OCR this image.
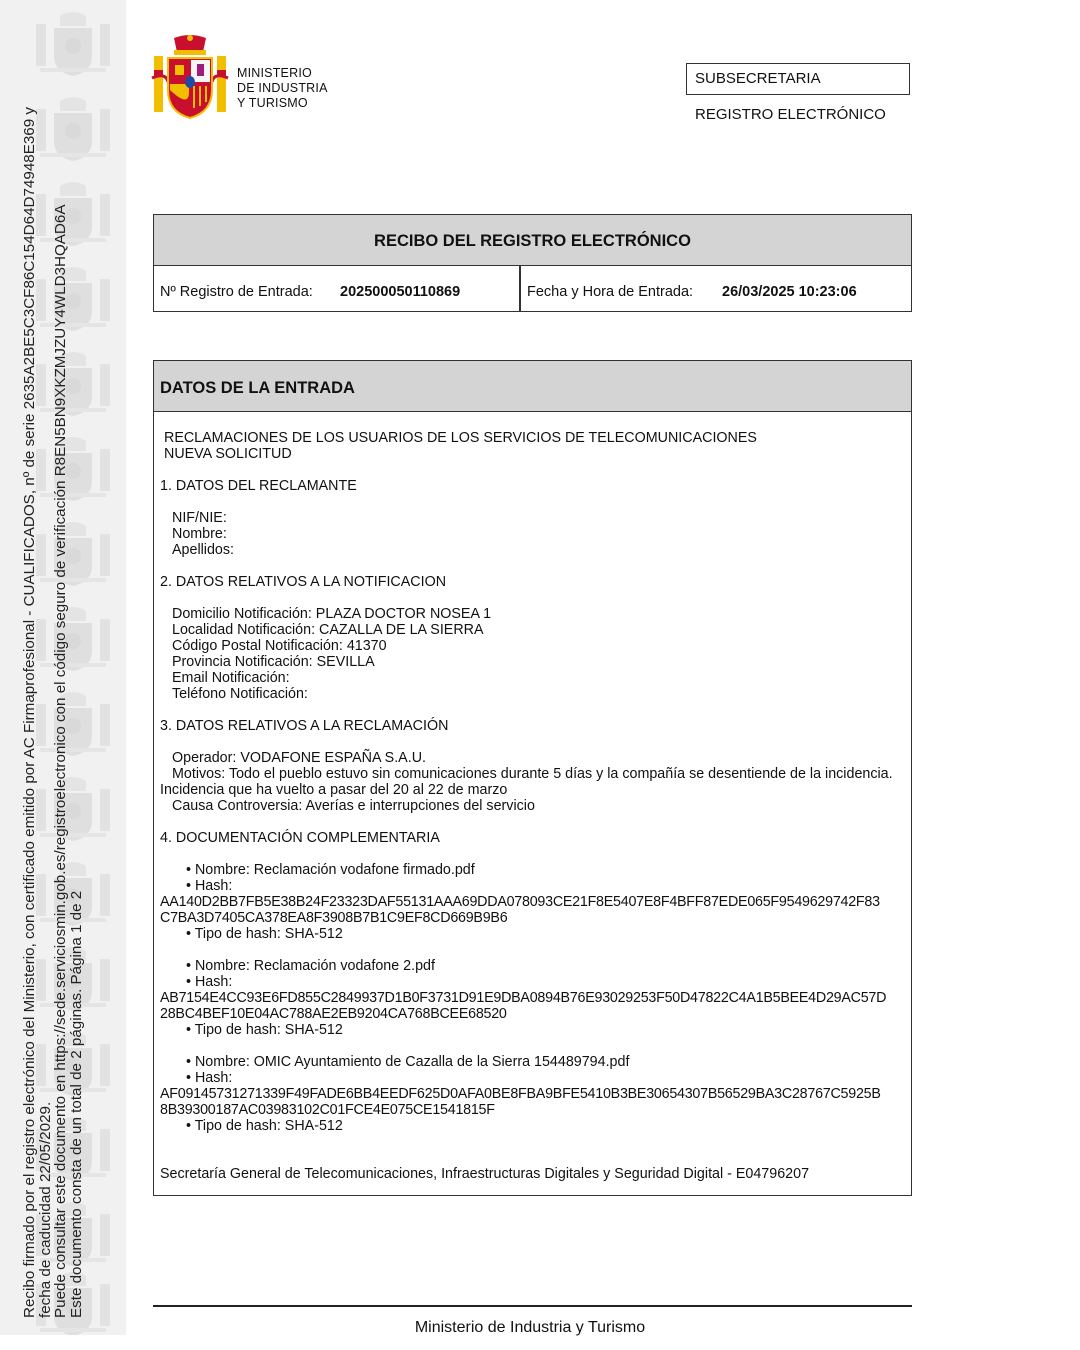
Recibo firmado por el registro electrónico del Ministerio, con certificado emitido por AC Firmaprofesional - CUALIFICADOS, nº de serie 2635A2BE5C3CF86C154D64D74948E369 y
fecha de caducidad 22/05/2029.
Puede consultar este documento en https://sede.serviciosmin.gob.es/registroelectronico con el código seguro de verificación R8EN5BN9XKZMJZUY4WLD3HQAD6A
Este documento consta de un total de 2 páginas. Página 1 de 2
MINISTERIO
DE INDUSTRIA
Y TURISMO
SUBSECRETARIA
REGISTRO ELECTRÓNICO
RECIBO DEL REGISTRO ELECTRÓNICO
Nº Registro de Entrada: 202500050110869	Fecha y Hora de Entrada: 26/03/2025 10:23:06
DATOS DE LA ENTRADA
RECLAMACIONES DE LOS USUARIOS DE LOS SERVICIOS DE TELECOMUNICACIONES
NUEVA SOLICITUD
1. DATOS DEL RECLAMANTE
NIF/NIE:
Nombre:
Apellidos:
2. DATOS RELATIVOS A LA NOTIFICACION
Domicilio Notificación: PLAZA DOCTOR NOSEA 1
Localidad Notificación: CAZALLA DE LA SIERRA
Código Postal Notificación: 41370
Provincia Notificación: SEVILLA
Email Notificación:
Teléfono Notificación:
3. DATOS RELATIVOS A LA RECLAMACIÓN
Operador: VODAFONE ESPAÑA S.A.U.
Motivos: Todo el pueblo estuvo sin comunicaciones durante 5 días y la compañía se desentiende de la incidencia.
Incidencia que ha vuelto a pasar del 20 al 22 de marzo
Causa Controversia: Averías e interrupciones del servicio
4. DOCUMENTACIÓN COMPLEMENTARIA
• Nombre: Reclamación vodafone firmado.pdf
• Hash:
AA140D2BB7FB5E38B24F23323DAF55131AAA69DDA078093CE21F8E5407E8F4BFF87EDE065F9549629742F83
C7BA3D7405CA378EA8F3908B7B1C9EF8CD669B9B6
• Tipo de hash: SHA-512
• Nombre: Reclamación vodafone 2.pdf
• Hash:
AB7154E4CC93E6FD855C2849937D1B0F3731D91E9DBA0894B76E93029253F50D47822C4A1B5BEE4D29AC57D
28BC4BEF10E04AC788AE2EB9204CA768BCEE68520
• Tipo de hash: SHA-512
• Nombre: OMIC Ayuntamiento de Cazalla de la Sierra 154489794.pdf
• Hash:
AF09145731271339F49FADE6BB4EEDF625D0AFA0BE8FBA9BFE5410B3BE30654307B56529BA3C28767C5925B
8B39300187AC03983102C01FCE4E075CE1541815F
• Tipo de hash: SHA-512
Secretaría General de Telecomunicaciones, Infraestructuras Digitales y Seguridad Digital - E04796207
Ministerio de Industria y Turismo
